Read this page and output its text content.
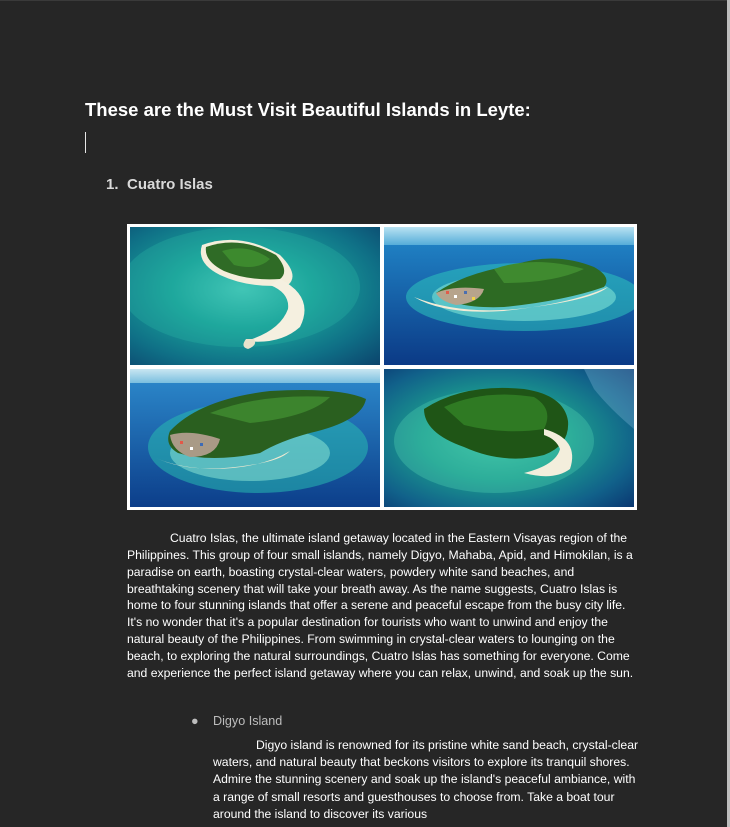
These are the Must Visit Beautiful Islands in Leyte:
1. Cuatro Islas
Cuatro Islas, the ultimate island getaway located in the Eastern Visayas region of the Philippines. This group of four small islands, namely Digyo, Mahaba, Apid, and Himokilan, is a paradise on earth, boasting crystal-clear waters, powdery white sand beaches, and breathtaking scenery that will take your breath away. As the name suggests, Cuatro Islas is home to four stunning islands that offer a serene and peaceful escape from the busy city life. It's no wonder that it's a popular destination for tourists who want to unwind and enjoy the natural beauty of the Philippines. From swimming in crystal-clear waters to lounging on the beach, to exploring the natural surroundings, Cuatro Islas has something for everyone. Come and experience the perfect island getaway where you can relax, unwind, and soak up the sun.
● Digyo Island
Digyo island is renowned for its pristine white sand beach, crystal-clear waters, and natural beauty that beckons visitors to explore its tranquil shores. Admire the stunning scenery and soak up the island's peaceful ambiance, with a range of small resorts and guesthouses to choose from. Take a boat tour around the island to discover its various
